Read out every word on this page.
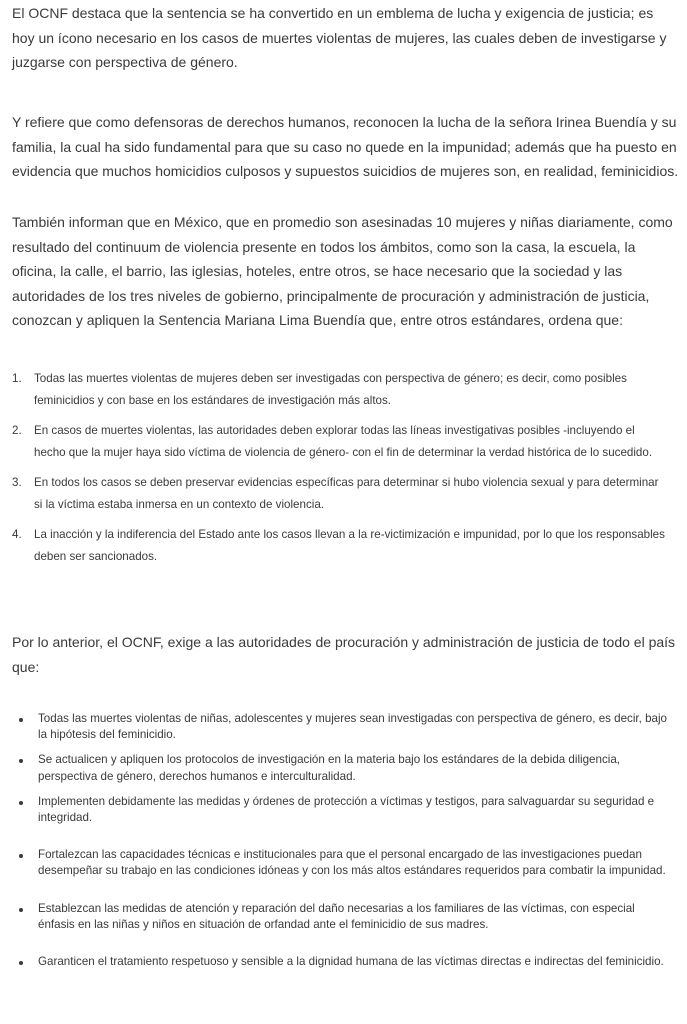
El OCNF destaca que la sentencia se ha convertido en un emblema de lucha y exigencia de justicia; es hoy un ícono necesario en los casos de muertes violentas de mujeres, las cuales deben de investigarse y juzgarse con perspectiva de género.

Y refiere que como defensoras de derechos humanos, reconocen la lucha de la señora Irinea Buendía y su familia, la cual ha sido fundamental para que su caso no quede en la impunidad; además que ha puesto en evidencia que muchos homicidios culposos y supuestos suicidios de mujeres son, en realidad, feminicidios.

También informan que en México, que en promedio son asesinadas 10 mujeres y niñas diariamente, como resultado del continuum de violencia presente en todos los ámbitos, como son la casa, la escuela, la oficina, la calle, el barrio, las iglesias, hoteles, entre otros, se hace necesario que la sociedad y las autoridades de los tres niveles de gobierno, principalmente de procuración y administración de justicia, conozcan y apliquen la Sentencia Mariana Lima Buendía que, entre otros estándares, ordena que:

1. Todas las muertes violentas de mujeres deben ser investigadas con perspectiva de género; es decir, como posibles feminicidios y con base en los estándares de investigación más altos.
2. En casos de muertes violentas, las autoridades deben explorar todas las líneas investigativas posibles -incluyendo el hecho que la mujer haya sido víctima de violencia de género- con el fin de determinar la verdad histórica de lo sucedido.
3. En todos los casos se deben preservar evidencias específicas para determinar si hubo violencia sexual y para determinar si la víctima estaba inmersa en un contexto de violencia.
4. La inacción y la indiferencia del Estado ante los casos llevan a la re-victimización e impunidad, por lo que los responsables deben ser sancionados.

Por lo anterior, el OCNF, exige a las autoridades de procuración y administración de justicia de todo el país que:

Todas las muertes violentas de niñas, adolescentes y mujeres sean investigadas con perspectiva de género, es decir, bajo la hipótesis del feminicidio.
Se actualicen y apliquen los protocolos de investigación en la materia bajo los estándares de la debida diligencia, perspectiva de género, derechos humanos e interculturalidad.
Implementen debidamente las medidas y órdenes de protección a víctimas y testigos, para salvaguardar su seguridad e integridad.
Fortalezcan las capacidades técnicas e institucionales para que el personal encargado de las investigaciones puedan desempeñar su trabajo en las condiciones idóneas y con los más altos estándares requeridos para combatir la impunidad.
Establezcan las medidas de atención y reparación del daño necesarias a los familiares de las víctimas, con especial énfasis en las niñas y niños en situación de orfandad ante el feminicidio de sus madres.
Garanticen el tratamiento respetuoso y sensible a la dignidad humana de las víctimas directas e indirectas del feminicidio.
